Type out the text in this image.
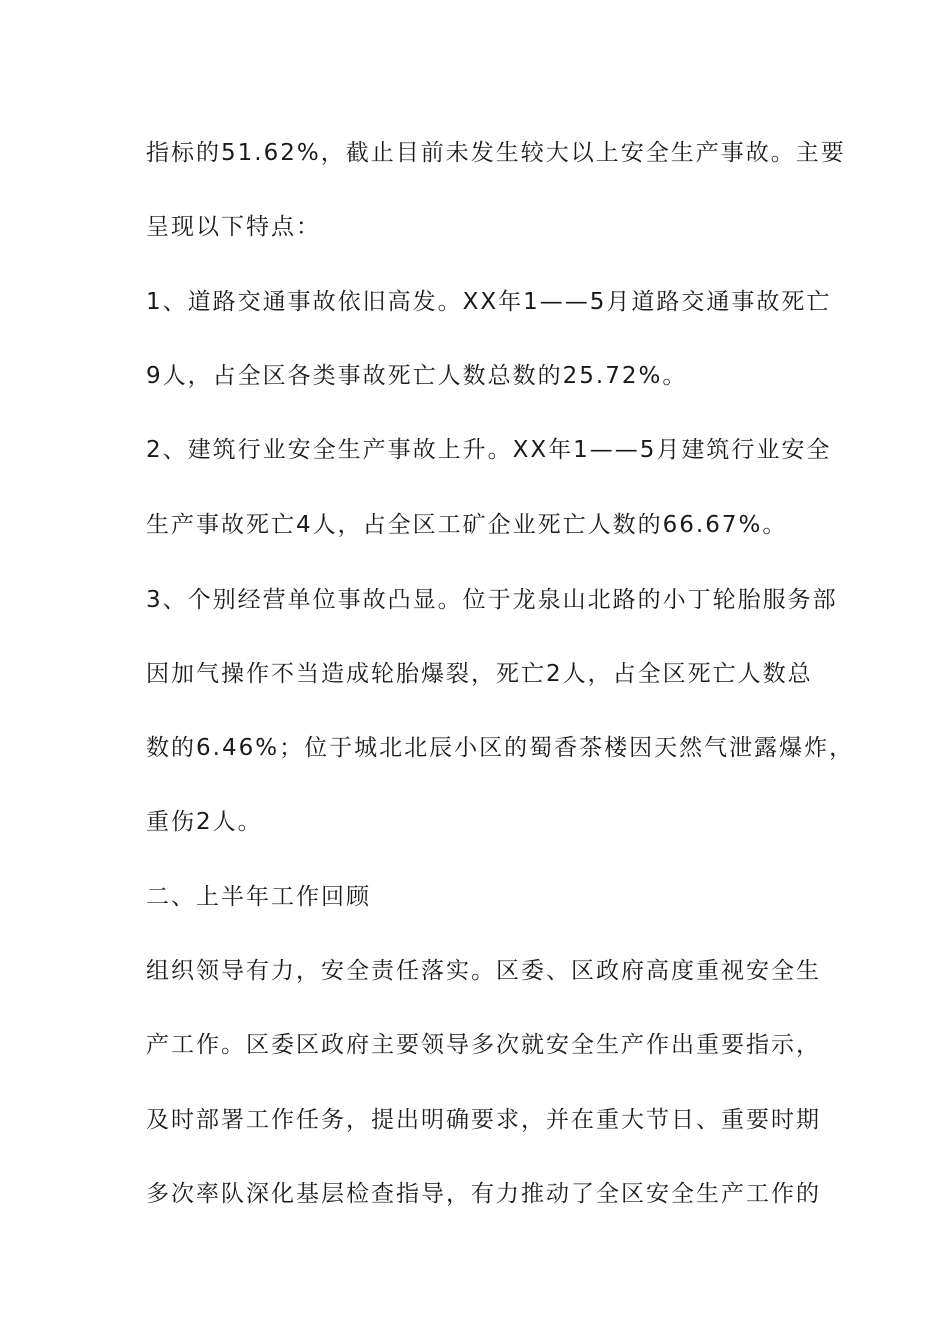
指标的51.62%，截止目前未发生较大以上安全生产事故。主要
呈现以下特点：
1、道路交通事故依旧高发。XX年1——5月道路交通事故死亡
9人，占全区各类事故死亡人数总数的25.72%。
2、建筑行业安全生产事故上升。XX年1——5月建筑行业安全
生产事故死亡4人，占全区工矿企业死亡人数的66.67%。
3、个别经营单位事故凸显。位于龙泉山北路的小丁轮胎服务部
因加气操作不当造成轮胎爆裂，死亡2人，占全区死亡人数总
数的6.46%；位于城北北辰小区的蜀香茶楼因天然气泄露爆炸，
重伤2人。
二、上半年工作回顾
组织领导有力，安全责任落实。区委、区政府高度重视安全生
产工作。区委区政府主要领导多次就安全生产作出重要指示，
及时部署工作任务，提出明确要求，并在重大节日、重要时期
多次率队深化基层检查指导，有力推动了全区安全生产工作的
